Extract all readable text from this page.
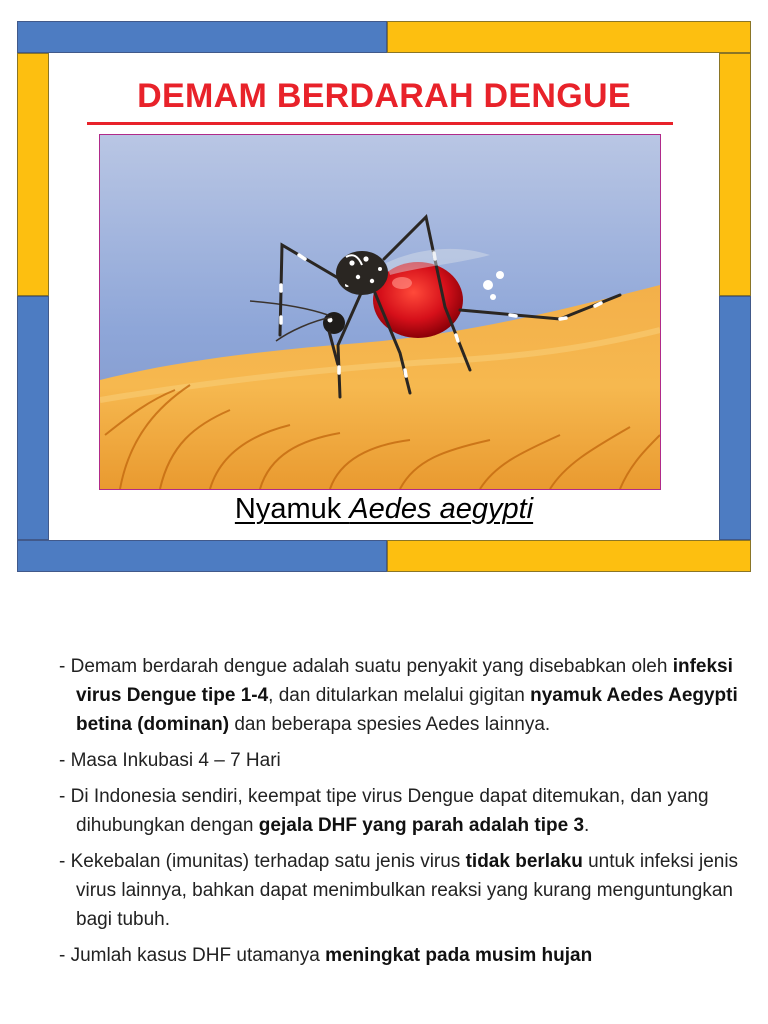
DEMAM BERDARAH DENGUE
Nyamuk Aedes aegypti

- Demam berdarah dengue adalah suatu penyakit yang disebabkan oleh infeksi virus Dengue tipe 1-4, dan ditularkan melalui gigitan nyamuk Aedes Aegypti betina (dominan) dan beberapa spesies Aedes lainnya.

- Masa Inkubasi 4 – 7 Hari

- Di Indonesia sendiri, keempat tipe virus Dengue dapat ditemukan, dan yang dihubungkan dengan gejala DHF yang parah adalah tipe 3.

- Kekebalan (imunitas) terhadap satu jenis virus tidak berlaku untuk infeksi jenis virus lainnya, bahkan dapat menimbulkan reaksi yang kurang menguntungkan bagi tubuh.

- Jumlah kasus DHF utamanya meningkat pada musim hujan
